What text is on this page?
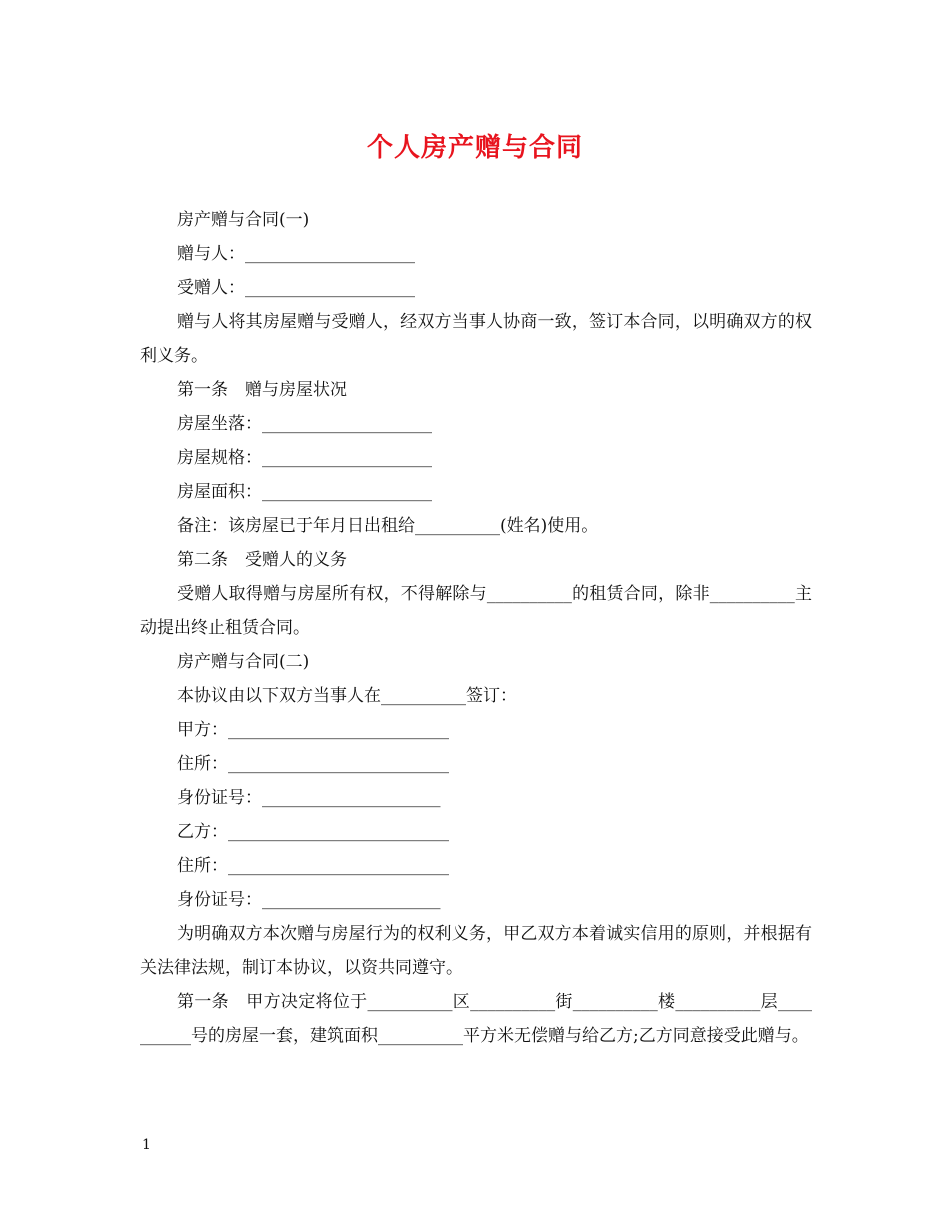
个人房产赠与合同

房产赠与合同(一)

赠与人：____________________

受赠人：____________________

赠与人将其房屋赠与受赠人，经双方当事人协商一致，签订本合同，以明确双方的权利义务。

第一条　赠与房屋状况

房屋坐落：____________________

房屋规格：____________________

房屋面积：____________________

备注：该房屋已于年月日出租给__________(姓名)使用。

第二条　受赠人的义务

受赠人取得赠与房屋所有权，不得解除与__________的租赁合同，除非__________主动提出终止租赁合同。

房产赠与合同(二)

本协议由以下双方当事人在__________签订：

甲方：__________________________

住所：__________________________

身份证号：_____________________

乙方：__________________________

住所：__________________________

身份证号：_____________________

为明确双方本次赠与房屋行为的权利义务，甲乙双方本着诚实信用的原则，并根据有关法律法规，制订本协议，以资共同遵守。

第一条　甲方决定将位于__________区__________街__________楼__________层__________号的房屋一套，建筑面积__________平方米无偿赠与给乙方;乙方同意接受此赠与。

1
